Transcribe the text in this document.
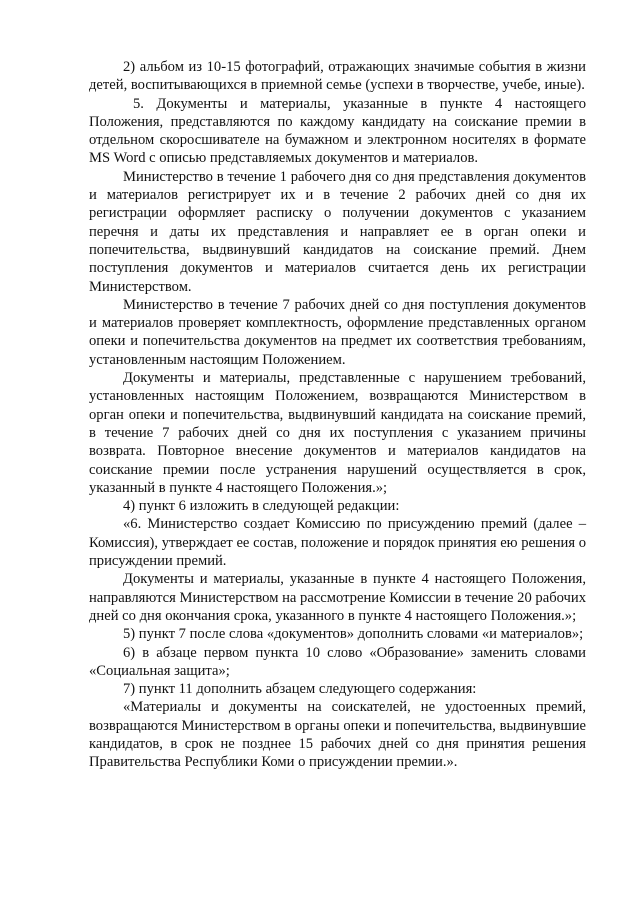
2) альбом из 10-15 фотографий, отражающих значимые события в жизни детей, воспитывающихся в приемной семье (успехи в творчестве, учебе, иные).

5. Документы и материалы, указанные в пункте 4 настоящего Положения, представляются по каждому кандидату на соискание премии в отдельном скоросшивателе на бумажном и электронном носителях в формате MS Word с описью представляемых документов и материалов.

Министерство в течение 1 рабочего дня со дня представления документов и материалов регистрирует их и в течение 2 рабочих дней со дня их регистрации оформляет расписку о получении документов с указанием перечня и даты их представления и направляет ее в орган опеки и попечительства, выдвинувший кандидатов на соискание премий. Днем поступления документов и материалов считается день их регистрации Министерством.

Министерство в течение 7 рабочих дней со дня поступления документов и материалов проверяет комплектность, оформление представленных органом опеки и попечительства документов на предмет их соответствия требованиям, установленным настоящим Положением.

Документы и материалы, представленные с нарушением требований, установленных настоящим Положением, возвращаются Министерством в орган опеки и попечительства, выдвинувший кандидата на соискание премий, в течение 7 рабочих дней со дня их поступления с указанием причины возврата. Повторное внесение документов и материалов кандидатов на соискание премии после устранения нарушений осуществляется в срок, указанный в пункте 4 настоящего Положения.»;

4) пункт 6 изложить в следующей редакции:

«6. Министерство создает Комиссию по присуждению премий (далее – Комиссия), утверждает ее состав, положение и порядок принятия ею решения о присуждении премий.

Документы и материалы, указанные в пункте 4 настоящего Положения, направляются Министерством на рассмотрение Комиссии в течение 20 рабочих дней со дня окончания срока, указанного в пункте 4 настоящего Положения.»;

5) пункт 7 после слова «документов» дополнить словами «и материалов»;

6) в абзаце первом пункта 10 слово «Образование» заменить словами «Социальная защита»;

7) пункт 11 дополнить абзацем следующего содержания:

«Материалы и документы на соискателей, не удостоенных премий, возвращаются Министерством в органы опеки и попечительства, выдвинувшие кандидатов, в срок не позднее 15 рабочих дней со дня принятия решения Правительства Республики Коми о присуждении премии.».
